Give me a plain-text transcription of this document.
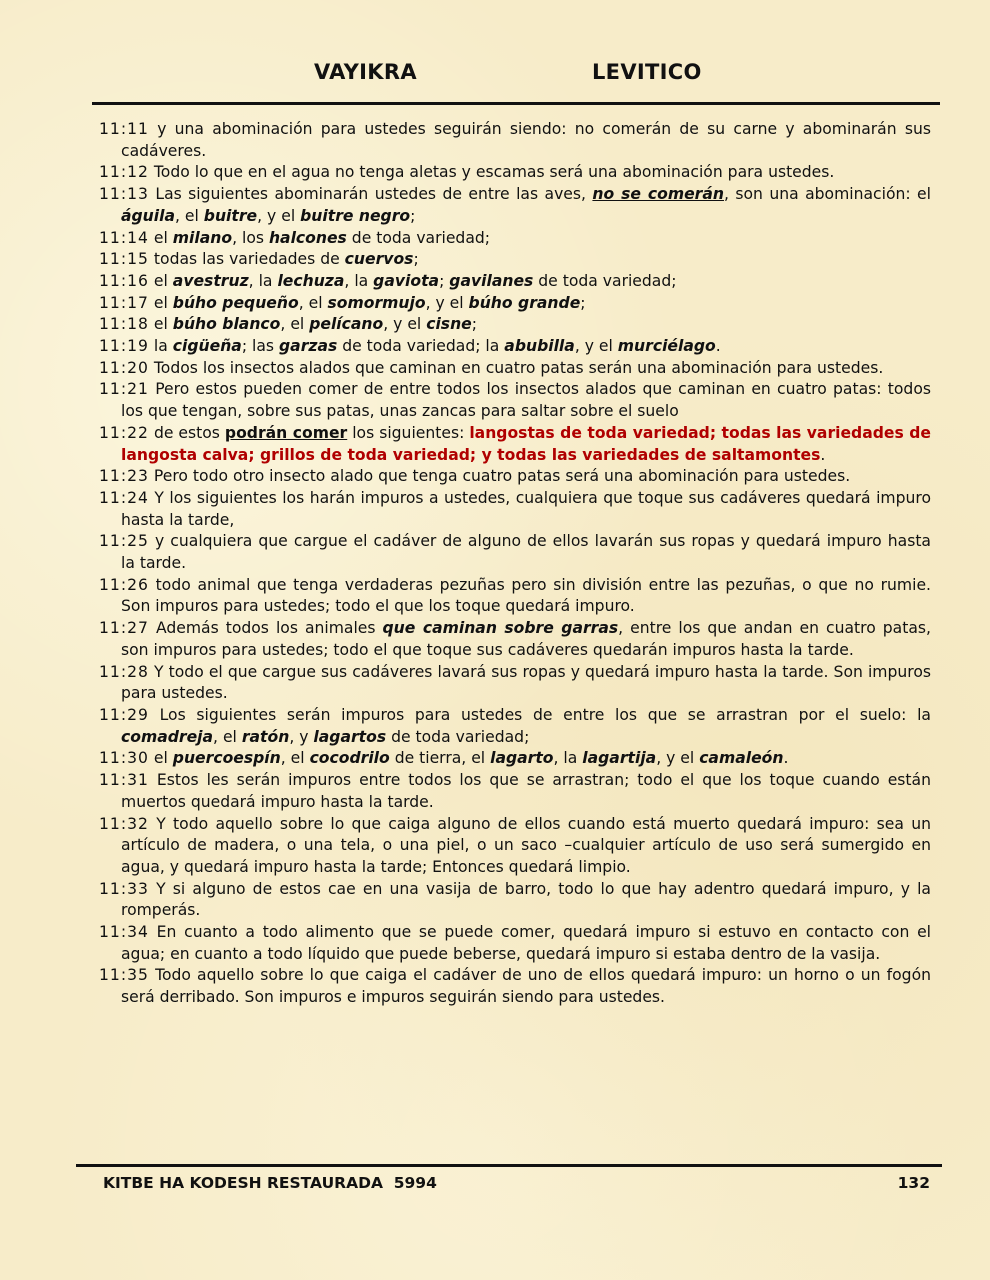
VAYIKRA	LEVITICO

11:11 y una abominación para ustedes seguirán siendo: no comerán de su carne y abominarán sus cadáveres.

11:12 Todo lo que en el agua no tenga aletas y escamas será una abominación para ustedes.

11:13 Las siguientes abominarán ustedes de entre las aves, no se comerán, son una abominación: el águila, el buitre, y el buitre negro;

11:14 el milano, los halcones de toda variedad;

11:15 todas las variedades de cuervos;

11:16 el avestruz, la lechuza, la gaviota; gavilanes de toda variedad;

11:17 el búho pequeño, el somormujo, y el búho grande;

11:18 el búho blanco, el pelícano, y el cisne;

11:19 la cigüeña; las garzas de toda variedad; la abubilla, y el murciélago.

11:20 Todos los insectos alados que caminan en cuatro patas serán una abominación para ustedes.

11:21 Pero estos pueden comer de entre todos los insectos alados que caminan en cuatro patas: todos los que tengan, sobre sus patas, unas zancas para saltar sobre el suelo

11:22 de estos podrán comer los siguientes: langostas de toda variedad; todas las variedades de langosta calva; grillos de toda variedad; y todas las variedades de saltamontes.

11:23 Pero todo otro insecto alado que tenga cuatro patas será una abominación para ustedes.

11:24 Y los siguientes los harán impuros a ustedes, cualquiera que toque sus cadáveres quedará impuro hasta la tarde,

11:25 y cualquiera que cargue el cadáver de alguno de ellos lavarán sus ropas y quedará impuro hasta la tarde.

11:26 todo animal que tenga verdaderas pezuñas pero sin división entre las pezuñas, o que no rumie. Son impuros para ustedes; todo el que los toque quedará impuro.

11:27 Además todos los animales que caminan sobre garras, entre los que andan en cuatro patas, son impuros para ustedes; todo el que toque sus cadáveres quedarán impuros hasta la tarde.

11:28 Y todo el que cargue sus cadáveres lavará sus ropas y quedará impuro hasta la tarde. Son impuros para ustedes.

11:29 Los siguientes serán impuros para ustedes de entre los que se arrastran por el suelo: la comadreja, el ratón, y lagartos de toda variedad;

11:30 el puercoespín, el cocodrilo de tierra, el lagarto, la lagartija, y el camaleón.

11:31 Estos les serán impuros entre todos los que se arrastran; todo el que los toque cuando están muertos quedará impuro hasta la tarde.

11:32 Y todo aquello sobre lo que caiga alguno de ellos cuando está muerto quedará impuro: sea un artículo de madera, o una tela, o una piel, o un saco –cualquier artículo de uso será sumergido en agua, y quedará impuro hasta la tarde; Entonces quedará limpio.

11:33 Y si alguno de estos cae en una vasija de barro, todo lo que hay adentro quedará impuro, y la romperás.

11:34 En cuanto a todo alimento que se puede comer, quedará impuro si estuvo en contacto con el agua; en cuanto a todo líquido que puede beberse, quedará impuro si estaba dentro de la vasija.

11:35 Todo aquello sobre lo que caiga el cadáver de uno de ellos quedará impuro: un horno o un fogón será derribado. Son impuros e impuros seguirán siendo para ustedes.

KITBE HA KODESH RESTAURADA  5994	132
